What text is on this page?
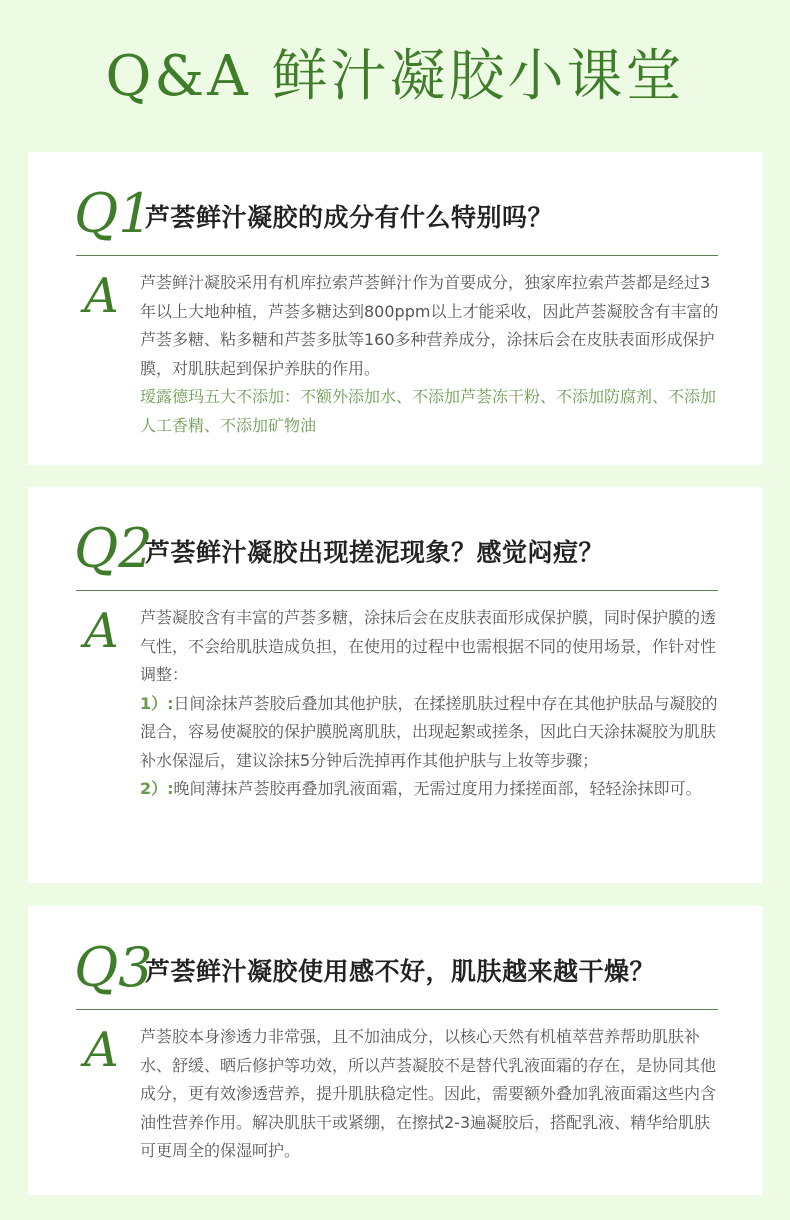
Q&A 鲜汁凝胶小课堂
Q1
芦荟鲜汁凝胶的成分有什么特别吗？
A 芦荟鲜汁凝胶采用有机库拉索芦荟鲜汁作为首要成分，独家库拉索芦荟都是经过3年以上大地种植，芦荟多糖达到800ppm以上才能采收，因此芦荟凝胶含有丰富的芦荟多糖、粘多糖和芦荟多肽等160多种营养成分，涂抹后会在皮肤表面形成保护膜，对肌肤起到保护养肤的作用。

瑷露德玛五大不添加：不额外添加水、不添加芦荟冻干粉、不添加防腐剂、不添加人工香精、不添加矿物油

Q2
芦荟鲜汁凝胶出现搓泥现象？感觉闷痘？
A 芦荟凝胶含有丰富的芦荟多糖，涂抹后会在皮肤表面形成保护膜，同时保护膜的透气性，不会给肌肤造成负担，在使用的过程中也需根据不同的使用场景，作针对性调整：

1）:日间涂抹芦荟胶后叠加其他护肤，在揉搓肌肤过程中存在其他护肤品与凝胶的混合，容易使凝胶的保护膜脱离肌肤，出现起絮或搓条，因此白天涂抹凝胶为肌肤补水保湿后，建议涂抹5分钟后洗掉再作其他护肤与上妆等步骤；

2）:晚间薄抹芦荟胶再叠加乳液面霜，无需过度用力揉搓面部，轻轻涂抹即可。

Q3
芦荟鲜汁凝胶使用感不好，肌肤越来越干燥？
A 芦荟胶本身渗透力非常强，且不加油成分，以核心天然有机植萃营养帮助肌肤补水、舒缓、晒后修护等功效，所以芦荟凝胶不是替代乳液面霜的存在，是协同其他成分，更有效渗透营养，提升肌肤稳定性。因此，需要额外叠加乳液面霜这些内含油性营养作用。解决肌肤干或紧绷，在擦拭2-3遍凝胶后，搭配乳液、精华给肌肤可更周全的保湿呵护。
